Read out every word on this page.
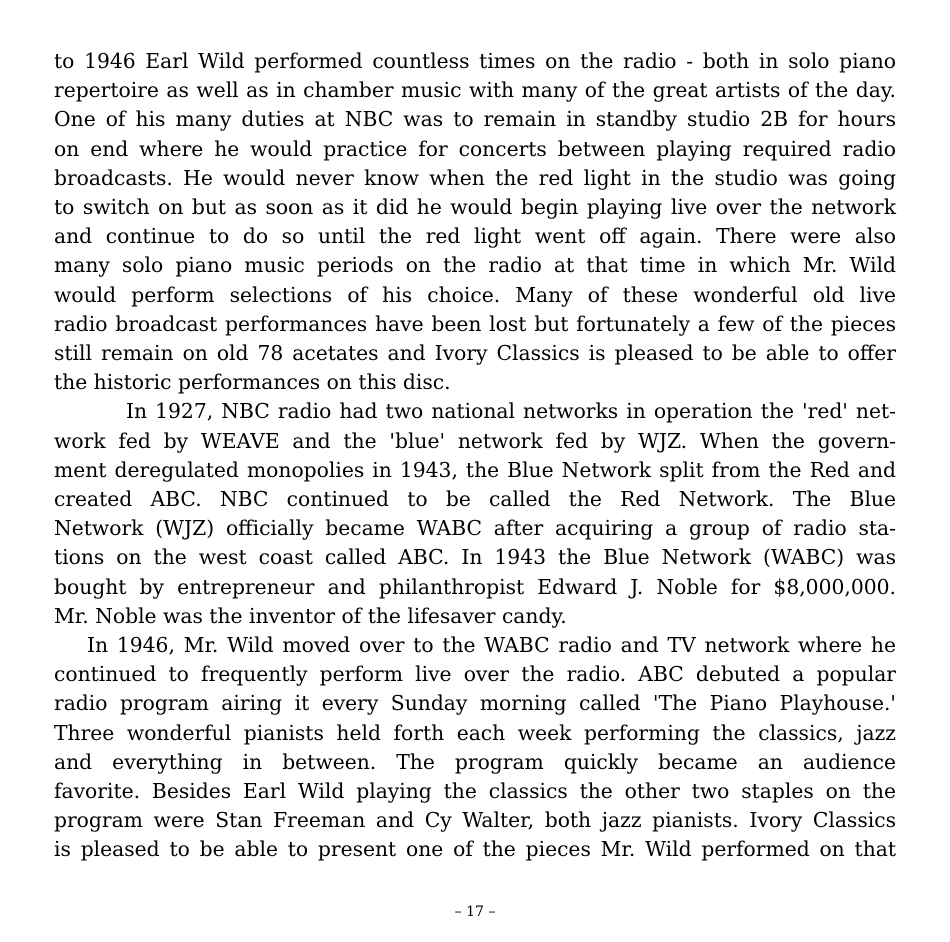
to 1946 Earl Wild performed countless times on the radio - both in solo piano
repertoire as well as in chamber music with many of the great artists of the day.
One of his many duties at NBC was to remain in standby studio 2B for hours
on end where he would practice for concerts between playing required radio
broadcasts. He would never know when the red light in the studio was going
to switch on but as soon as it did he would begin playing live over the network
and continue to do so until the red light went off again. There were also
many solo piano music periods on the radio at that time in which Mr. Wild
would perform selections of his choice. Many of these wonderful old live
radio broadcast performances have been lost but fortunately a few of the pieces
still remain on old 78 acetates and Ivory Classics is pleased to be able to offer
the historic performances on this disc.
In 1927, NBC radio had two national networks in operation the 'red' net-
work fed by WEAVE and the 'blue' network fed by WJZ. When the govern-
ment deregulated monopolies in 1943, the Blue Network split from the Red and
created ABC. NBC continued to be called the Red Network. The Blue
Network (WJZ) officially became WABC after acquiring a group of radio sta-
tions on the west coast called ABC. In 1943 the Blue Network (WABC) was
bought by entrepreneur and philanthropist Edward J. Noble for $8,000,000.
Mr. Noble was the inventor of the lifesaver candy.
In 1946, Mr. Wild moved over to the WABC radio and TV network where he
continued to frequently perform live over the radio. ABC debuted a popular
radio program airing it every Sunday morning called 'The Piano Playhouse.'
Three wonderful pianists held forth each week performing the classics, jazz
and everything in between. The program quickly became an audience
favorite. Besides Earl Wild playing the classics the other two staples on the
program were Stan Freeman and Cy Walter, both jazz pianists. Ivory Classics
is pleased to be able to present one of the pieces Mr. Wild performed on that
– 17 –
